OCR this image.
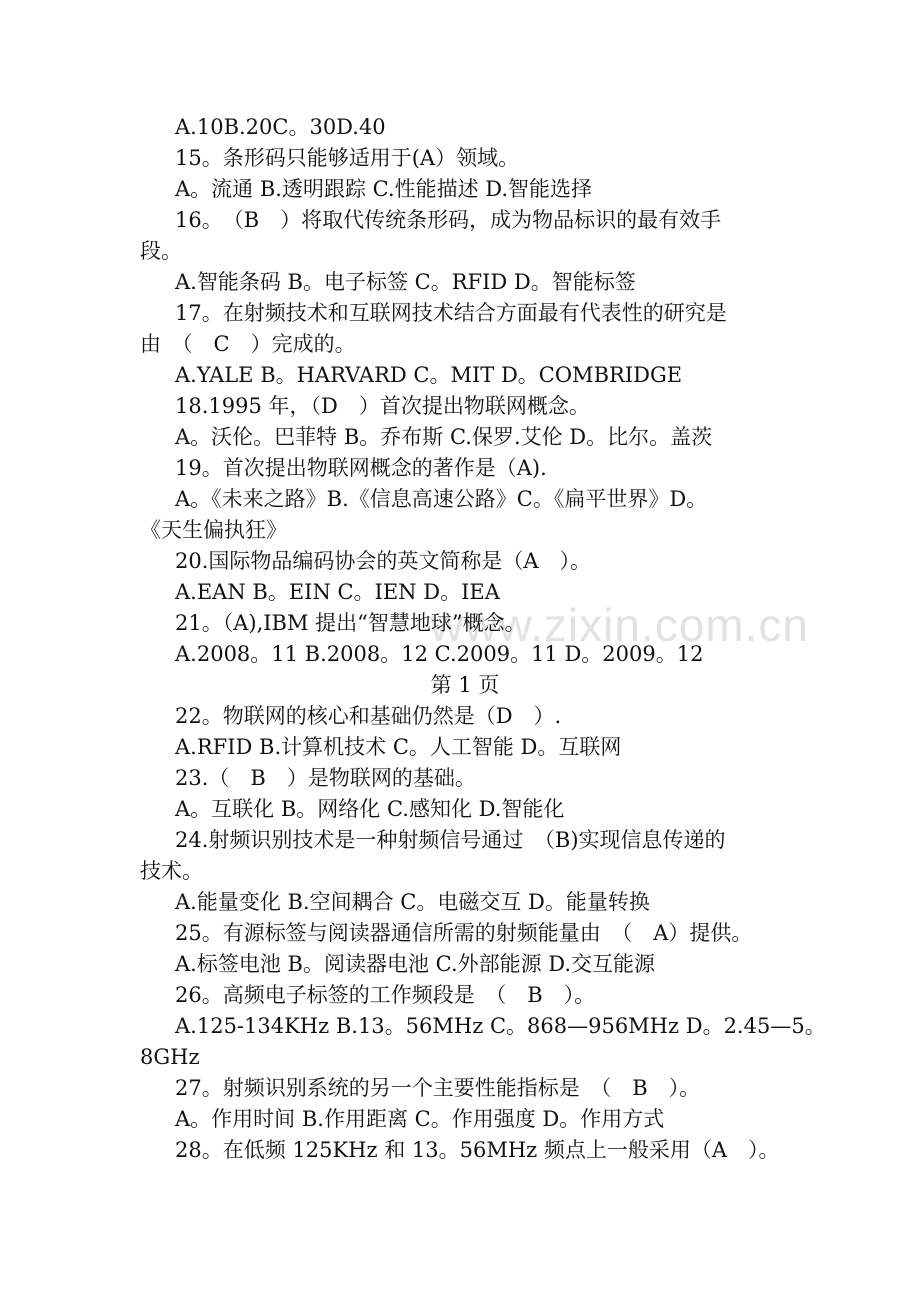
www.zixin.com.cn
A.10B.20C。30D.40
15。条形码只能够适用于(A）领域。
A。流通 B.透明跟踪 C.性能描述 D.智能选择
16。　（B　）将取代传统条形码，成为物品标识的最有效手
段。
A.智能条码 B。电子标签 C。RFID D。智能标签
17。在射频技术和互联网技术结合方面最有代表性的研究是
由　（　C　）完成的。
A.YALE B。HARVARD C。MIT D。COMBRIDGE
18.1995 年，（D　）首次提出物联网概念。
A。沃伦。巴菲特 B。乔布斯 C.保罗.艾伦 D。比尔。盖茨
19。首次提出物联网概念的著作是（A).
A。《未来之路》B.《信息高速公路》C。《扁平世界》D。
《天生偏执狂》
20.国际物品编码协会的英文简称是（A　）。
A.EAN B。EIN C。IEN D。IEA
21。（A),IBM 提出“智慧地球”概念。
A.2008。11 B.2008。12 C.2009。11 D。2009。12
第 1 页
22。物联网的核心和基础仍然是（D　）.
A.RFID B.计算机技术 C。人工智能 D。互联网
23.（　B　）是物联网的基础。
A。互联化 B。网络化 C.感知化 D.智能化
24.射频识别技术是一种射频信号通过　（B)实现信息传递的
技术。
A.能量变化 B.空间耦合 C。电磁交互 D。能量转换
25。有源标签与阅读器通信所需的射频能量由　（　A）提供。
A.标签电池 B。阅读器电池 C.外部能源 D.交互能源
26。高频电子标签的工作频段是　（　B　）。
A.125-134KHz B.13。56MHz C。868—956MHz D。2.45—5。
8GHz
27。射频识别系统的另一个主要性能指标是　（　B　）。
A。作用时间 B.作用距离 C。作用强度 D。作用方式
28。在低频 125KHz 和 13。56MHz 频点上一般采用（A　）。
